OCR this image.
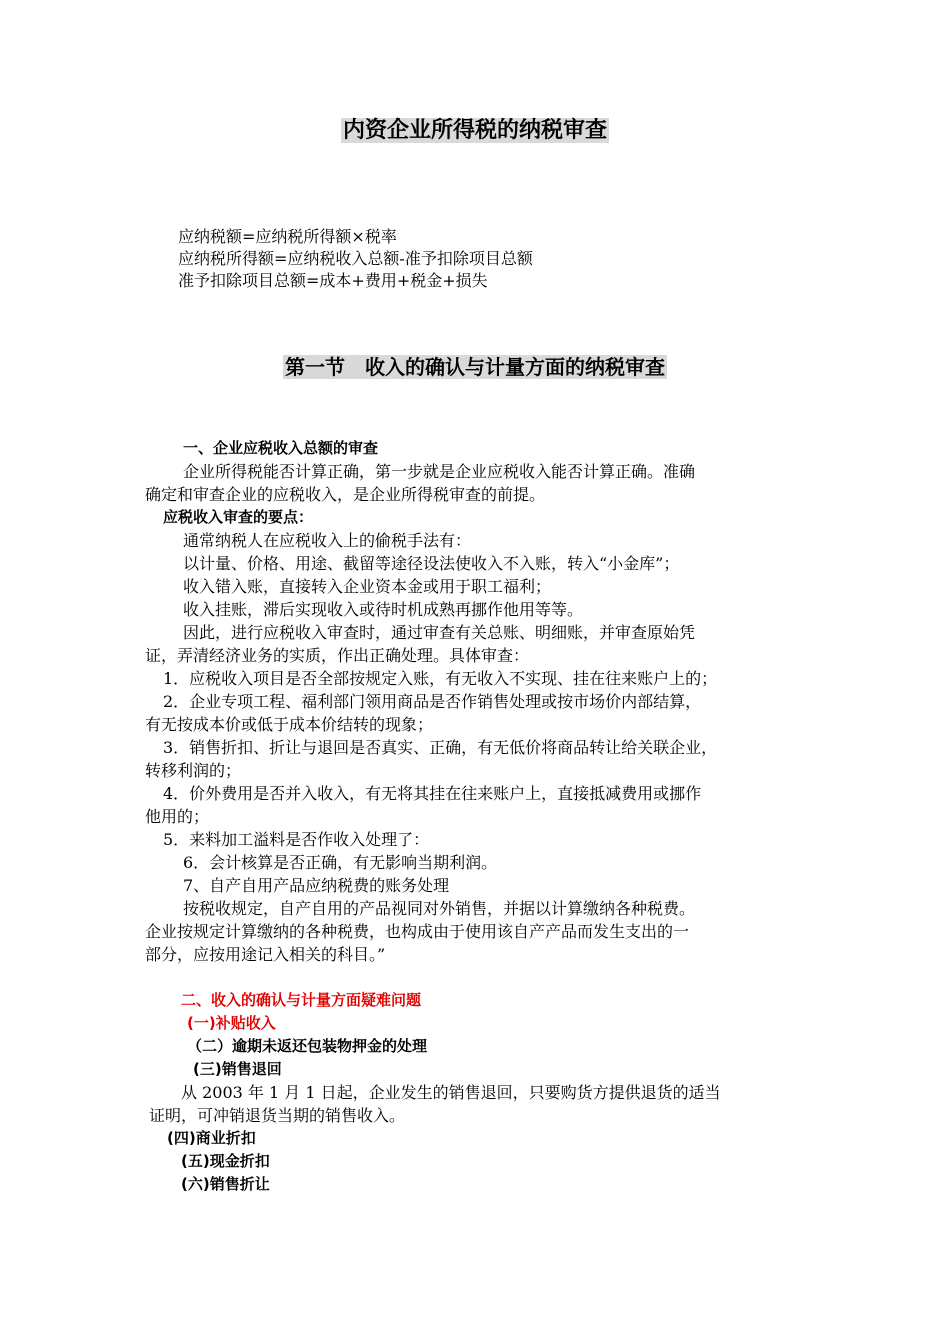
内资企业所得税的纳税审查
应纳税额=应纳税所得额×税率
应纳税所得额=应纳税收入总额-准予扣除项目总额
准予扣除项目总额=成本+费用+税金+损失
第一节　收入的确认与计量方面的纳税审查
一、企业应税收入总额的审查
企业所得税能否计算正确，第一步就是企业应税收入能否计算正确。准确
确定和审查企业的应税收入，是企业所得税审查的前提。
应税收入审查的要点：
通常纳税人在应税收入上的偷税手法有：
以计量、价格、用途、截留等途径设法使收入不入账，转入“小金库”；
收入错入账，直接转入企业资本金或用于职工福利；
收入挂账，滞后实现收入或待时机成熟再挪作他用等等。
因此，进行应税收入审查时，通过审查有关总账、明细账，并审查原始凭
证，弄清经济业务的实质，作出正确处理。具体审查：
1．应税收入项目是否全部按规定入账，有无收入不实现、挂在往来账户上的；
2．企业专项工程、福利部门领用商品是否作销售处理或按市场价内部结算，
有无按成本价或低于成本价结转的现象；
3．销售折扣、折让与退回是否真实、正确，有无低价将商品转让给关联企业，
转移利润的；
4．价外费用是否并入收入，有无将其挂在往来账户上，直接抵减费用或挪作
他用的；
5．来料加工溢料是否作收入处理了：
6．会计核算是否正确，有无影响当期利润。
7、自产自用产品应纳税费的账务处理
按税收规定，自产自用的产品视同对外销售，并据以计算缴纳各种税费。
企业按规定计算缴纳的各种税费，也构成由于使用该自产产品而发生支出的一
部分，应按用途记入相关的科目。”
二、收入的确认与计量方面疑难问题
(一)补贴收入
（二）逾期未返还包装物押金的处理
(三)销售退回
从 2003 年 1 月 1 日起，企业发生的销售退回，只要购货方提供退货的适当
证明，可冲销退货当期的销售收入。
(四)商业折扣
(五)现金折扣
(六)销售折让
